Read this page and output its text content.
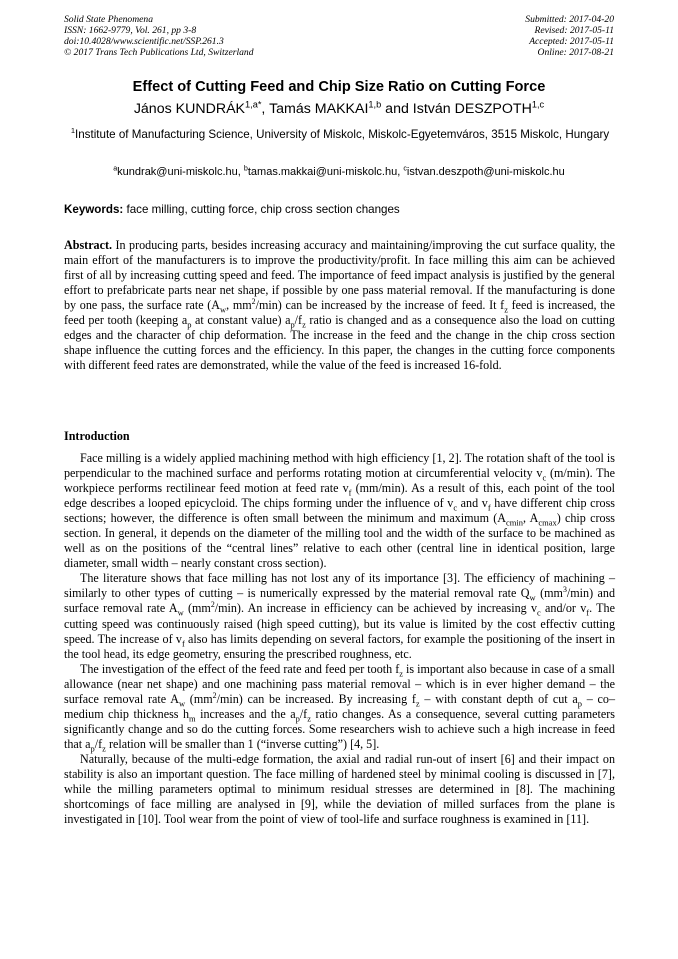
Solid State Phenomena
ISSN: 1662-9779, Vol. 261, pp 3-8
doi:10.4028/www.scientific.net/SSP.261.3
© 2017 Trans Tech Publications Ltd, Switzerland
Submitted: 2017-04-20
Revised: 2017-05-11
Accepted: 2017-05-11
Online: 2017-08-21
Effect of Cutting Feed and Chip Size Ratio on Cutting Force
János $KUNDRÁK^{1,a*}$, Tamás MAKKAI$^{1,b}$ and István DESZPOTH$^{1,c}$
$^1$Institute of Manufacturing Science, University of Miskolc, Miskolc-Egyetemváros, 3515 Miskolc, Hungary
$^a$kundrak@uni-miskolc.hu, $^b$tamas.makkai@uni-miskolc.hu, $^c$istvan.deszpoth@uni-miskolc.hu
Keywords: face milling, cutting force, chip cross section changes

Abstract. In producing parts, besides increasing accuracy and maintaining/improving the cut surface quality, the main effort of the manufacturers is to improve the productivity/profit. In face milling this aim can be achieved first of all by increasing cutting speed and feed. The importance of feed impact analysis is justified by the general effort to prefabricate parts near net shape, if possible by one pass material removal. If the manufacturing is done by one pass, the surface rate ($A_w$, $mm^2/\min$) can be increased by the increase of feed. It $f_z$ feed is increased, the feed per tooth (keeping $a_p$ at constant value) $a_p/f_z$ ratio is changed and as a consequence also the load on cutting edges and the character of chip deformation. The increase in the feed and the change in the chip cross section shape influence the cutting forces and the efficiency. In this paper, the changes in the cutting force components with different feed rates are demonstrated, while the value of the feed is increased 16-fold.

Introduction

Face milling is a widely applied machining method with high efficiency [1, 2]. The rotation shaft of the tool is perpendicular to the machined surface and performs rotating motion at circumferential velocity $v_c$ (m/min). The workpiece performs rectilinear feed motion at feed rate $v_f$ (mm/min). As a result of this, each point of the tool edge describes a looped epicycloid. The chips forming under the influence of $v_c$ and $v_f$ have different chip cross sections; however, the difference is often small between the minimum and maximum ($A_{cmin}$, $A_{cmax}$) chip cross section. In general, it depends on the diameter of the milling tool and the width of the surface to be machined as well as on the positions of the “central lines” relative to each other (central line in identical position, large diameter, small width – nearly constant cross section).

The literature shows that face milling has not lost any of its importance [3]. The efficiency of machining – similarly to other types of cutting – is numerically expressed by the material removal rate $Q_w$ $(mm^3/\min)$ and surface removal rate $A_w$ $(mm^2/\min)$. An increase in efficiency can be achieved by increasing $v_c$ and/or $v_f$. The cutting speed was continuously raised (high speed cutting), but its value is limited by the cost effectiv cutting speed. The increase of $v_f$ also has limits depending on several factors, for example the positioning of the insert in the tool head, its edge geometry, ensuring the prescribed roughness, etc.

The investigation of the effect of the feed rate and feed per tooth $f_z$ is important also because in case of a small allowance (near net shape) and one machining pass material removal – which is in ever higher demand – the surface removal rate $A_w$ $(mm^2/\min)$ can be increased. By increasing $f_z$ – with constant depth of cut $a_p$ – co–medium chip thickness $h_m$ increases and the $a_p/f_z$ ratio changes. As a consequence, several cutting parameters significantly change and so do the cutting forces. Some researchers wish to achieve such a high increase in feed that $a_p/f_z$ relation will be smaller than 1 (“inverse cutting”) [4, 5].

Naturally, because of the multi-edge formation, the axial and radial run-out of insert [6] and their impact on stability is also an important question. The face milling of hardened steel by minimal cooling is discussed in [7], while the milling parameters optimal to minimum residual stresses are determined in [8]. The machining shortcomings of face milling are analysed in [9], while the deviation of milled surfaces from the plane is investigated in [10]. Tool wear from the point of view of tool-life and surface roughness is examined in [11].
